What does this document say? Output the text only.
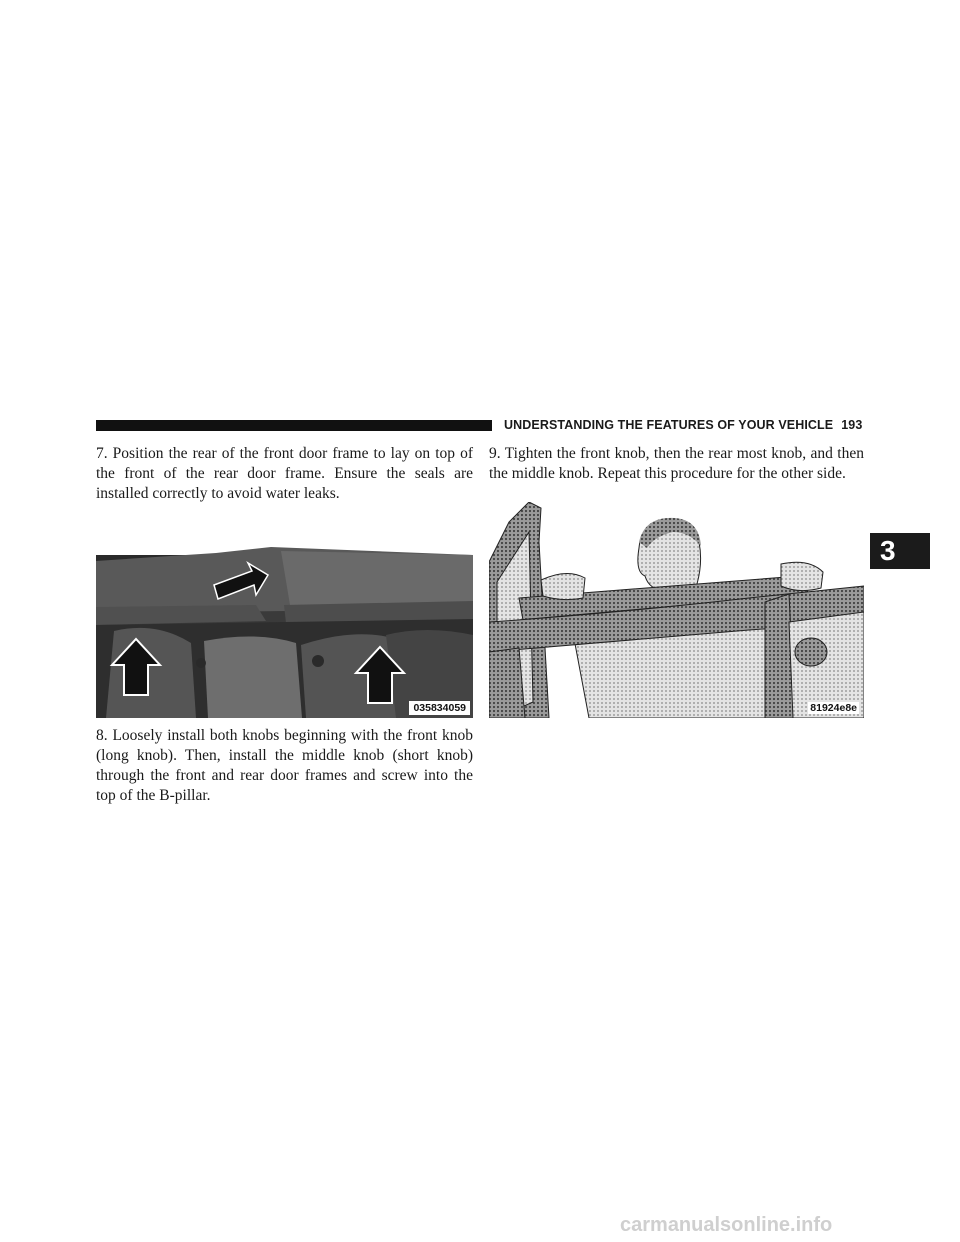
UNDERSTANDING THE FEATURES OF YOUR VEHICLE 193

7. Position the rear of the front door frame to lay on top of the front of the rear door frame. Ensure the seals are installed correctly to avoid water leaks.

035834059

8. Loosely install both knobs beginning with the front knob (long knob). Then, install the middle knob (short knob) through the front and rear door frames and screw into the top of the B-pillar.

9. Tighten the front knob, then the rear most knob, and then the middle knob. Repeat this procedure for the other side.

81924e8e
3
carmanualsonline.info
